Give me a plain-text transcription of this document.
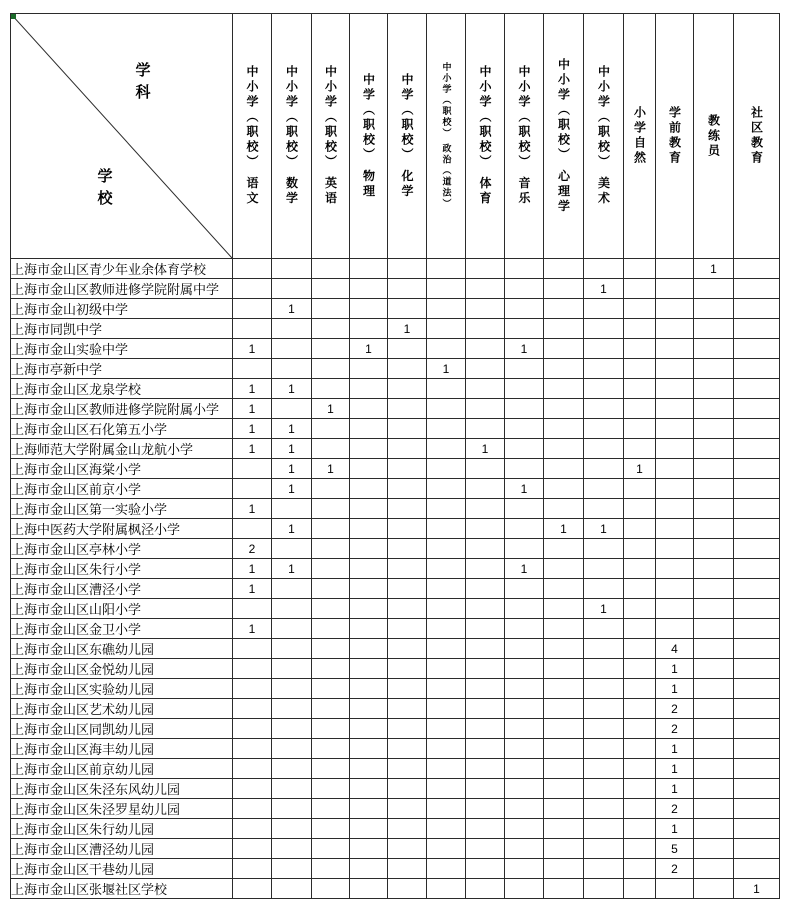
学科
学校	中小学（职校） 语文	中小学（职校） 数学	中小学（职校） 英语	中学（职校） 物理	中学（职校） 化学	中小学（职校） 政治（道法）	中小学（职校） 体育	中小学（职校） 音乐	中小学（职校） 心理学	中小学（职校） 美术	小学自然	学前教育	教练员	社区教育

上海市金山区青少年业余体育学校													1	
上海市金山区教师进修学院附属中学										1				
上海市金山初级中学		1												
上海市同凯中学					1									
上海市金山实验中学	1			1				1						
上海市亭新中学						1								
上海市金山区龙泉学校	1	1												
上海市金山区教师进修学院附属小学	1		1											
上海市金山区石化第五小学	1	1												
上海师范大学附属金山龙航小学	1	1					1							
上海市金山区海棠小学		1	1								1			
上海市金山区前京小学		1						1						
上海市金山区第一实验小学	1													
上海中医药大学附属枫泾小学		1							1	1				
上海市金山区亭林小学	2													
上海市金山区朱行小学	1	1						1						
上海市金山区漕泾小学	1													
上海市金山区山阳小学										1				
上海市金山区金卫小学	1													
上海市金山区东礁幼儿园												4		
上海市金山区金悦幼儿园												1		
上海市金山区实验幼儿园												1		
上海市金山区艺术幼儿园												2		
上海市金山区同凯幼儿园												2		
上海市金山区海丰幼儿园												1		
上海市金山区前京幼儿园												1		
上海市金山区朱泾东风幼儿园												1		
上海市金山区朱泾罗星幼儿园												2		
上海市金山区朱行幼儿园												1		
上海市金山区漕泾幼儿园												5		
上海市金山区干巷幼儿园												2		
上海市金山区张堰社区学校														1
